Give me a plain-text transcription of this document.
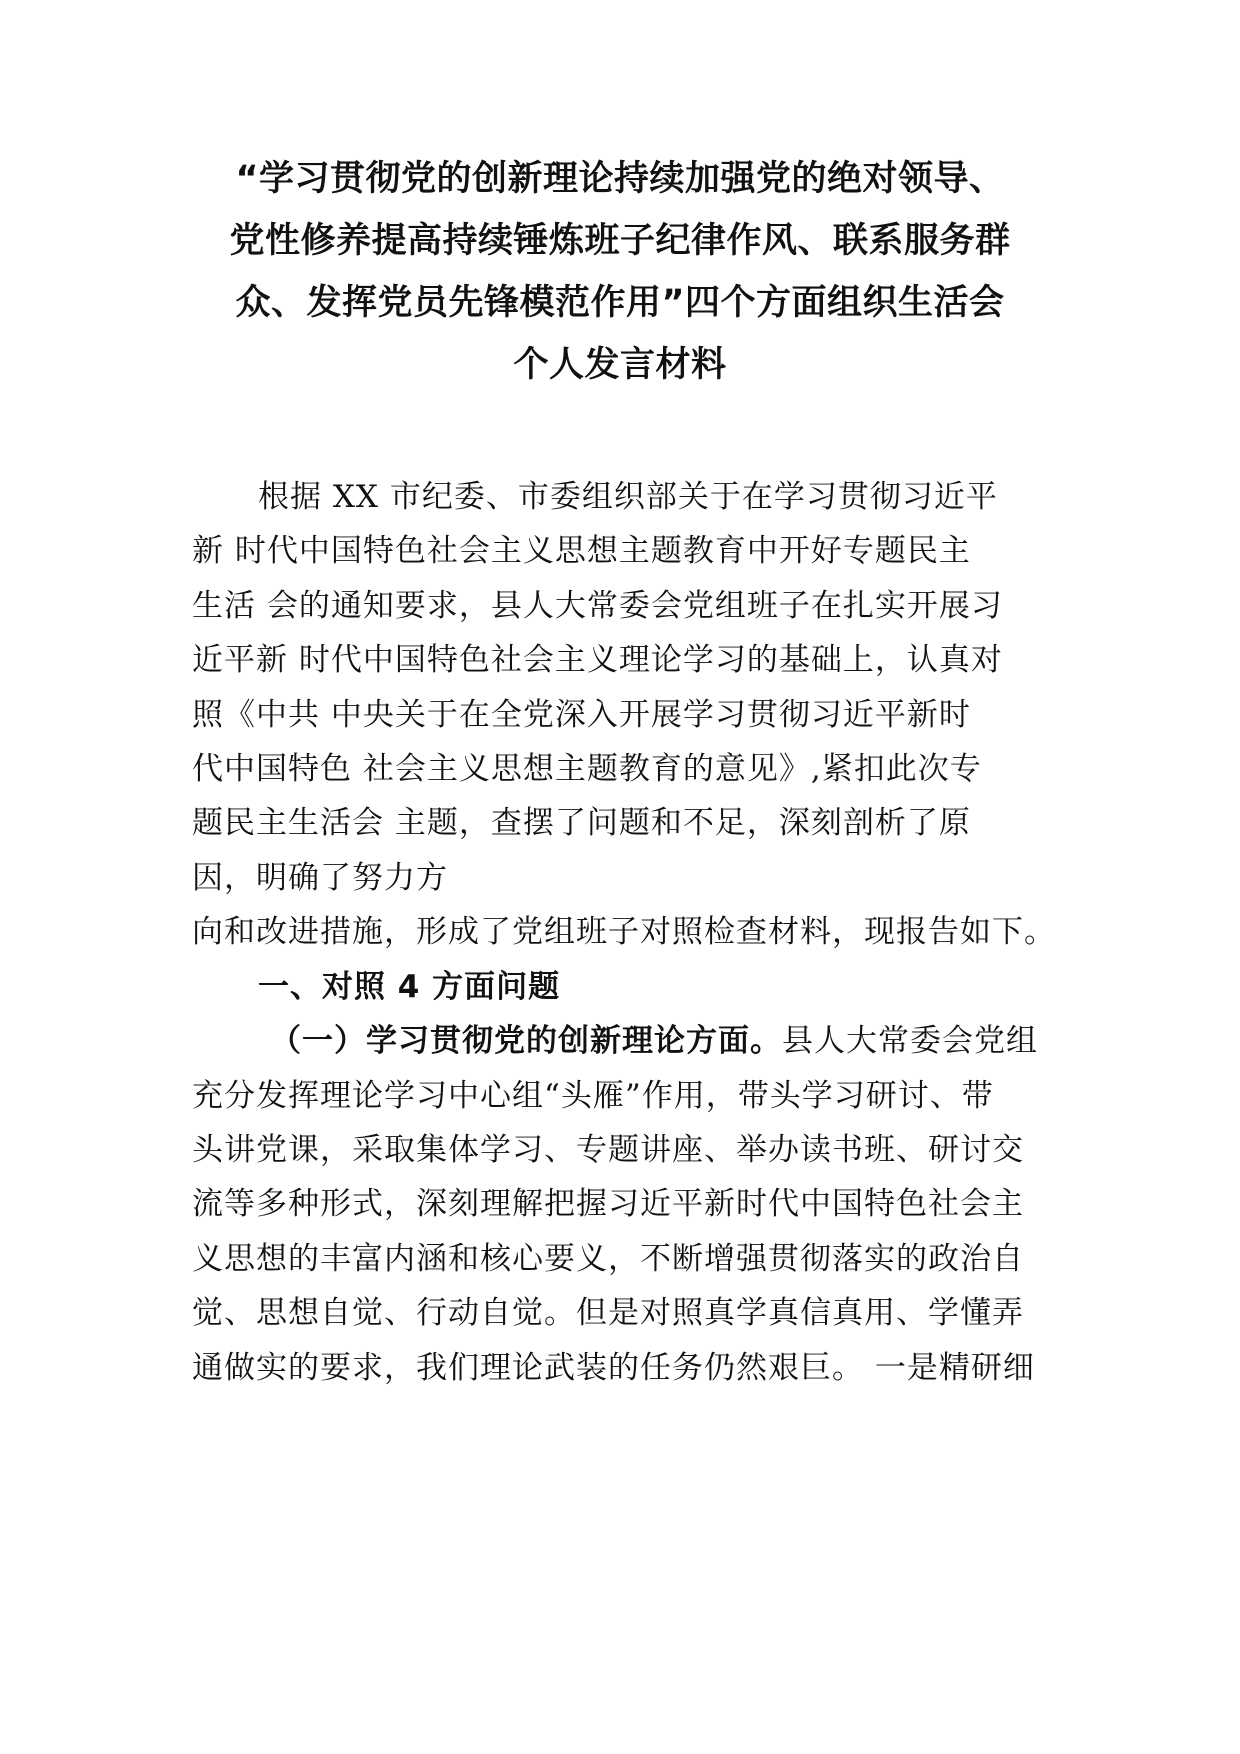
“学习贯彻党的创新理论持续加强党的绝对领导、
党性修养提高持续锤炼班子纪律作风、联系服务群
众、发挥党员先锋模范作用”四个方面组织生活会
个人发言材料
根据 XX 市纪委、市委组织部关于在学习贯彻习近平
新 时代中国特色社会主义思想主题教育中开好专题民主
生活 会的通知要求，县人大常委会党组班子在扎实开展习
近平新 时代中国特色社会主义理论学习的基础上，认真对
照《中共 中央关于在全党深入开展学习贯彻习近平新时
代中国特色 社会主义思想主题教育的意见》,紧扣此次专
题民主生活会 主题，查摆了问题和不足，深刻剖析了原
因，明确了努力方
向和改进措施，形成了党组班子对照检查材料，现报告如下。
一、对照 4 方面问题
（一）学习贯彻党的创新理论方面。县人大常委会党组
充分发挥理论学习中心组“头雁”作用，带头学习研讨、带
头讲党课，采取集体学习、专题讲座、举办读书班、研讨交
流等多种形式，深刻理解把握习近平新时代中国特色社会主
义思想的丰富内涵和核心要义，不断增强贯彻落实的政治自
觉、思想自觉、行动自觉。但是对照真学真信真用、学懂弄
通做实的要求，我们理论武装的任务仍然艰巨。 一是精研细
